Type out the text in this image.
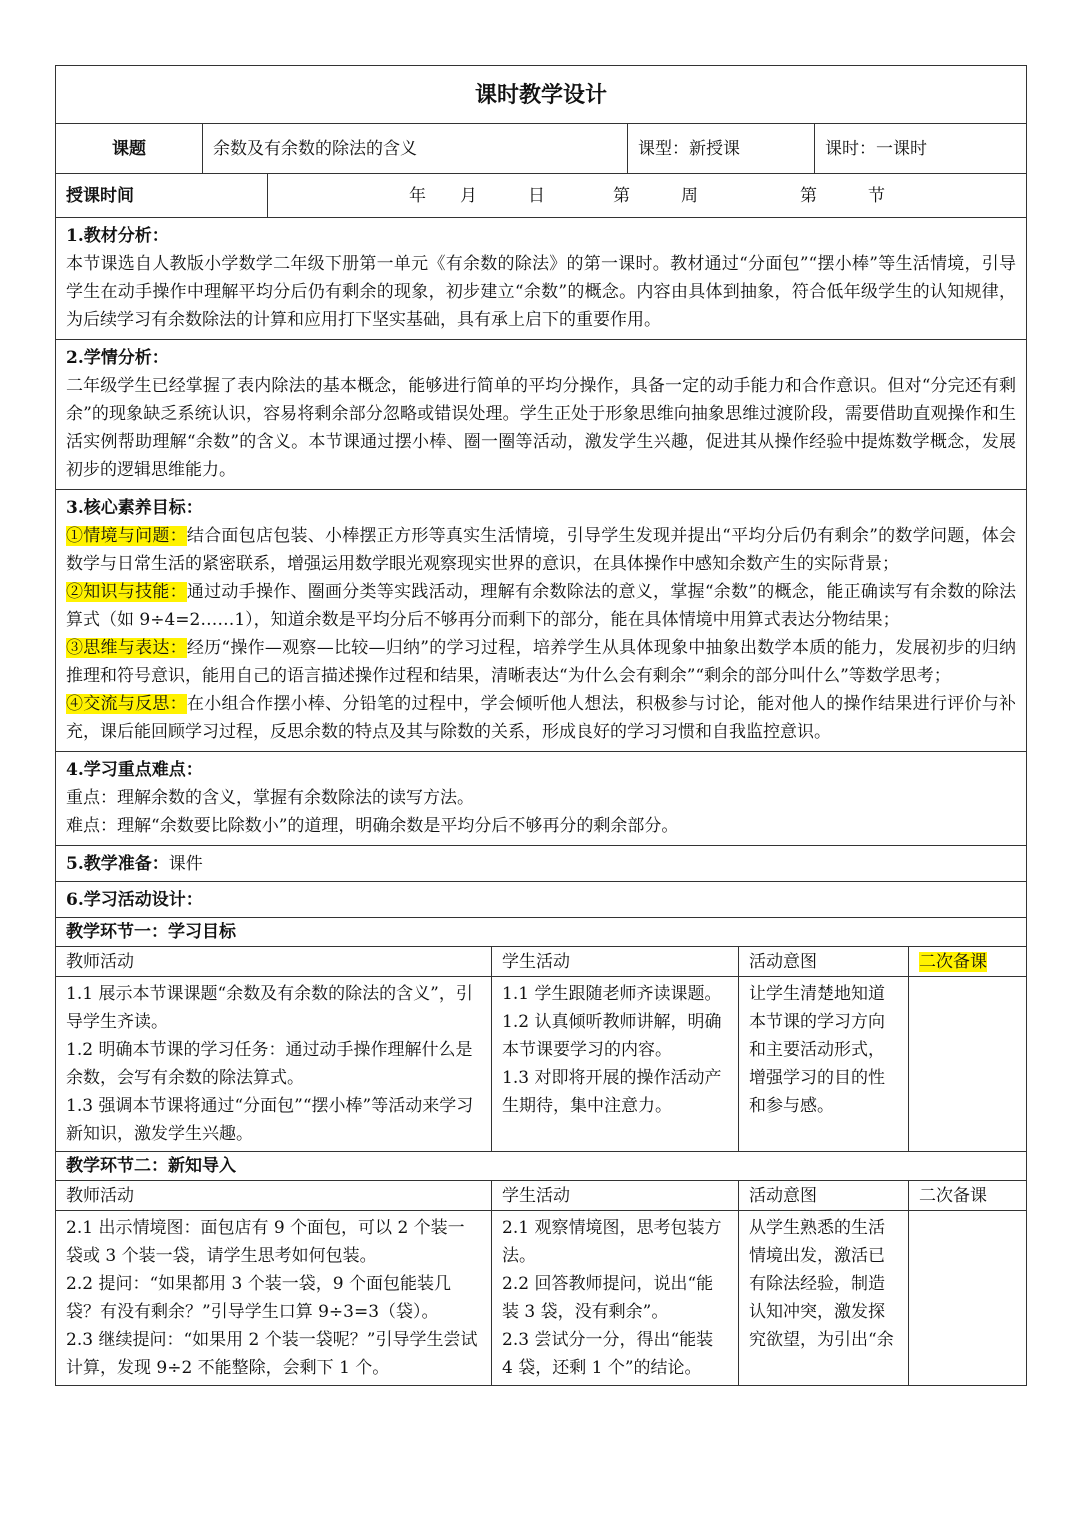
课时教学设计				
课题	余数及有余数的除法的含义		课型：新授课	课时：一课时
授课时间		年　　月　　　日　　　　第　　　周　　　　　　第　　　节		
1.教材分析：
本节课选自人教版小学数学二年级下册第一单元《有余数的除法》的第一课时。教材通过“分面包”“摆小棒”等生活情境，引导学生在动手操作中理解平均分后仍有剩余的现象，初步建立“余数”的概念。内容由具体到抽象，符合低年级学生的认知规律，为后续学习有余数除法的计算和应用打下坚实基础，具有承上启下的重要作用。			

2.学情分析：
二年级学生已经掌握了表内除法的基本概念，能够进行简单的平均分操作，具备一定的动手能力和合作意识。但对“分完还有剩余”的现象缺乏系统认识，容易将剩余部分忽略或错误处理。学生正处于形象思维向抽象思维过渡阶段，需要借助直观操作和生活实例帮助理解“余数”的含义。本节课通过摆小棒、圈一圈等活动，激发学生兴趣，促进其从操作经验中提炼数学概念，发展初步的逻辑思维能力。			

3.核心素养目标：
①情境与问题：结合面包店包装、小棒摆正方形等真实生活情境，引导学生发现并提出“平均分后仍有剩余”的数学问题，体会数学与日常生活的紧密联系，增强运用数学眼光观察现实世界的意识，在具体操作中感知余数产生的实际背景；
②知识与技能：通过动手操作、圈画分类等实践活动，理解有余数除法的意义，掌握“余数”的概念，能正确读写有余数的除法算式（如 9÷4=2……1），知道余数是平均分后不够再分而剩下的部分，能在具体情境中用算式表达分物结果；
③思维与表达：经历“操作—观察—比较—归纳”的学习过程，培养学生从具体现象中抽象出数学本质的能力，发展初步的归纳推理和符号意识，能用自己的语言描述操作过程和结果，清晰表达“为什么会有剩余”“剩余的部分叫什么”等数学思考；
④交流与反思：在小组合作摆小棒、分铅笔的过程中，学会倾听他人想法，积极参与讨论，能对他人的操作结果进行评价与补充，课后能回顾学习过程，反思余数的特点及其与除数的关系，形成良好的学习习惯和自我监控意识。			

4.学习重点难点：
重点：理解余数的含义，掌握有余数除法的读写方法。
难点：理解“余数要比除数小”的道理，明确余数是平均分后不够再分的剩余部分。			

5.教学准备：课件			
6.学习活动设计：			
教学环节一：学习目标			
教师活动	学生活动	活动意图	二次备课
1.1 展示本节课课题“余数及有余数的除法的含义”，引导学生齐读。
1.2 明确本节课的学习任务：通过动手操作理解什么是余数，会写有余数的除法算式。
1.3 强调本节课将通过“分面包”“摆小棒”等活动来学习新知识，激发学生兴趣。	1.1 学生跟随老师齐读课题。
1.2 认真倾听教师讲解，明确本节课要学习的内容。
1.3 对即将开展的操作活动产生期待，集中注意力。	让学生清楚地知道本节课的学习方向和主要活动形式，增强学习的目的性和参与感。	
教学环节二：新知导入			
教师活动	学生活动	活动意图	二次备课
2.1 出示情境图：面包店有 9 个面包，可以 2 个装一袋或 3 个装一袋，请学生思考如何包装。
2.2 提问：“如果都用 3 个装一袋，9 个面包能装几袋？有没有剩余？”引导学生口算 9÷3=3（袋）。
2.3 继续提问：“如果用 2 个装一袋呢？”引导学生尝试计算，发现 9÷2 不能整除，会剩下 1 个。	2.1 观察情境图，思考包装方法。
2.2 回答教师提问，说出“能装 3 袋，没有剩余”。
2.3 尝试分一分，得出“能装 4 袋，还剩 1 个”的结论。	从学生熟悉的生活情境出发，激活已有除法经验，制造认知冲突，激发探究欲望，为引出“余	
